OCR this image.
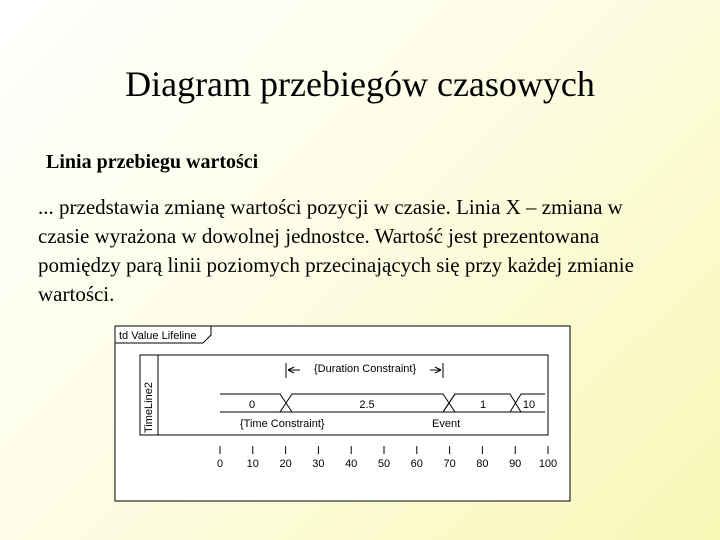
Diagram przebiegów czasowych
Linia przebiegu wartości
... przedstawia zmianę wartości pozycji w czasie. Linia X – zmiana w czasie wyrażona w dowolnej jednostce. Wartość jest prezentowana pomiędzy parą linii poziomych przecinających się przy każdej zmianie wartości.
td Value Lifeline
TimeLine2
{Duration Constraint}
0	2.5	1	10
{Time Constraint}	Event
0 10 20 30 40 50 60 70 80 90 100
